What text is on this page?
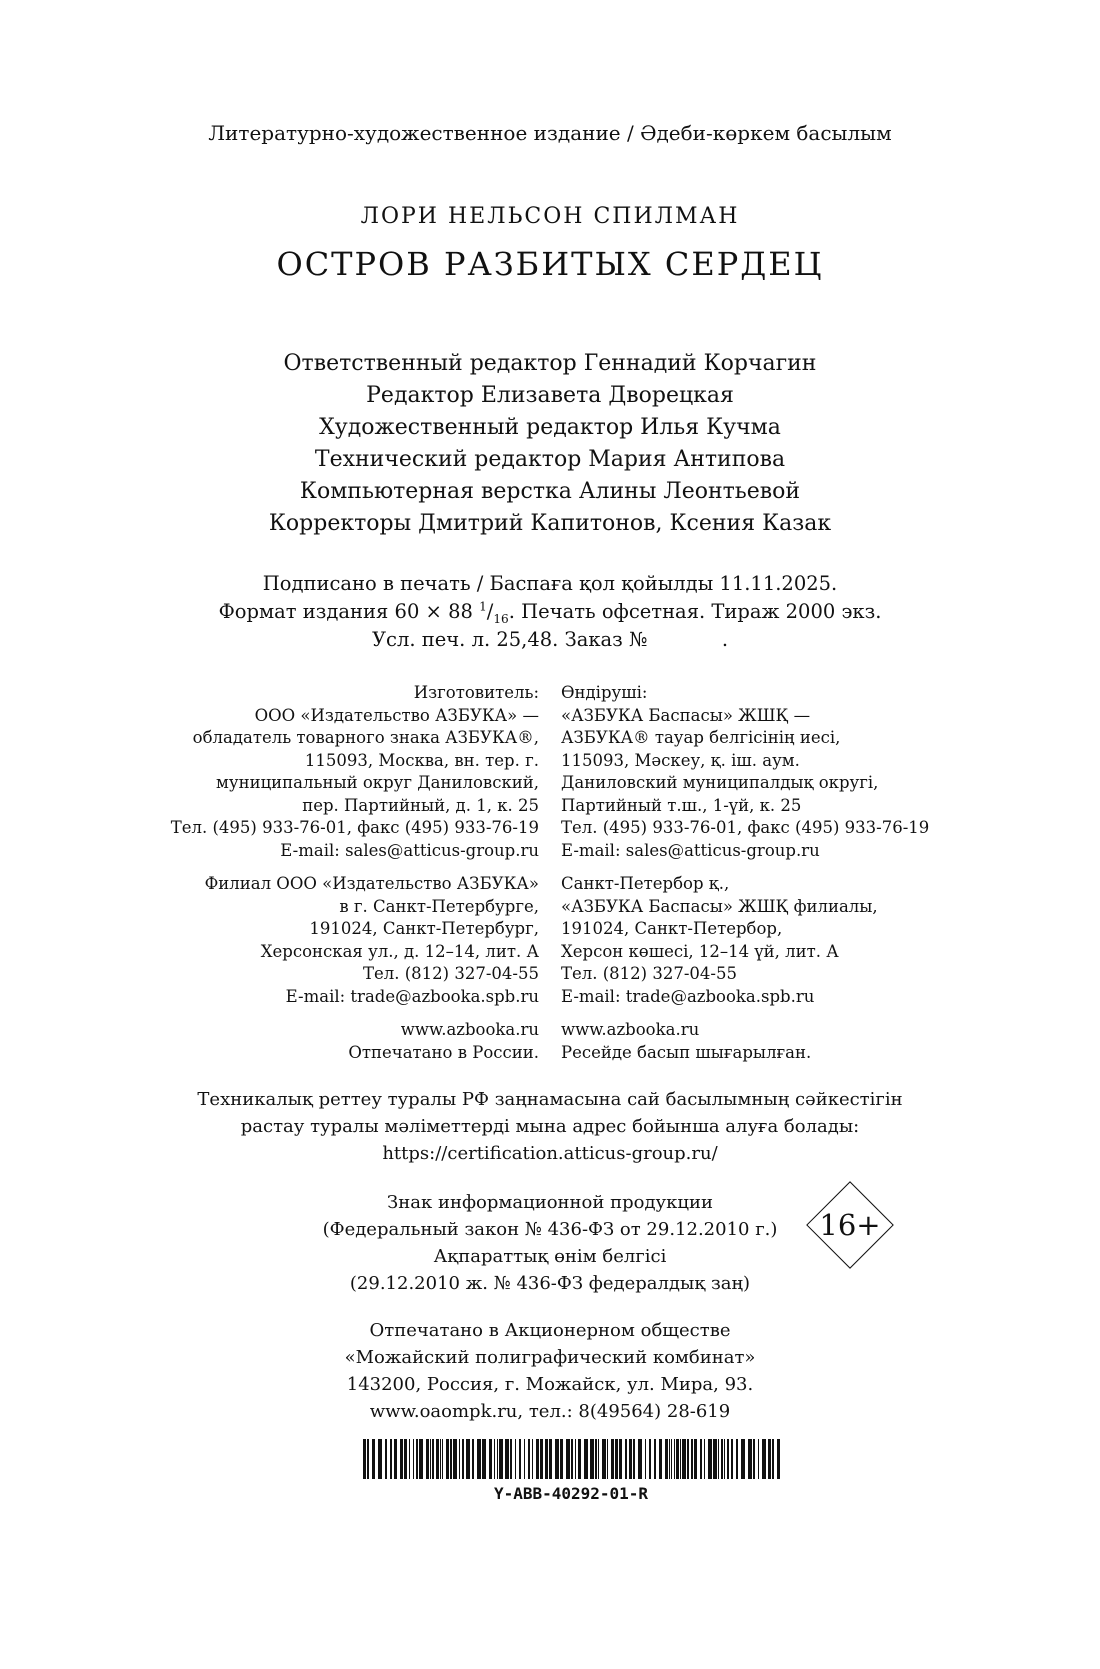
Литературно-художественное издание / Әдеби-көркем басылым
ЛОРИ НЕЛЬСОН СПИЛМАН
ОСТРОВ РАЗБИТЫХ СЕРДЕЦ
Ответственный редактор Геннадий Корчагин
Редактор Елизавета Дворецкая
Художественный редактор Илья Кучма
Технический редактор Мария Антипова
Компьютерная верстка Алины Леонтьевой
Корректоры Дмитрий Капитонов, Ксения Казак
Подписано в печать / Баспаға қол қойылды 11.11.2025.
Формат издания 60 × 88 $^1/_{16}$. Печать офсетная. Тираж 2000 экз.
Усл. печ. л. 25,48. Заказ №            .
Изготовитель:
ООО «Издательство АЗБУКА» —
обладатель товарного знака АЗБУКА®,
115093, Москва, вн. тер. г.
муниципальный округ Даниловский,
пер. Партийный, д. 1, к. 25
Тел. (495) 933-76-01, факс (495) 933-76-19
E-mail: sales@atticus-group.ru
Филиал ООО «Издательство АЗБУКА»
в г. Санкт-Петербурге,
191024, Санкт-Петербург,
Херсонская ул., д. 12–14, лит. А
Тел. (812) 327-04-55
E-mail: trade@azbooka.spb.ru
www.azbooka.ru
Отпечатано в России.
Өндіруші:
«АЗБУКА Баспасы» ЖШҚ —
АЗБУКА® тауар белгісінің иесі,
115093, Мәскеу, қ. іш. аум.
Даниловский муниципалдық округі,
Партийный т.ш., 1-үй, к. 25
Тел. (495) 933-76-01, факс (495) 933-76-19
E-mail: sales@atticus-group.ru
Санкт-Петербор қ.,
«АЗБУКА Баспасы» ЖШҚ филиалы,
191024, Санкт-Петербор,
Херсон көшесі, 12–14 үй, лит. А
Тел. (812) 327-04-55
E-mail: trade@azbooka.spb.ru
www.azbooka.ru
Ресейде басып шығарылған.
Техникалық реттеу туралы РФ заңнамасына сай басылымның сәйкестігін
растау туралы мәліметтерді мына адрес бойынша алуға болады:
https://certification.atticus-group.ru/
Знак информационной продукции
(Федеральный закон № 436-ФЗ от 29.12.2010 г.)
Ақпараттық өнім белгісі
(29.12.2010 ж. № 436-ФЗ федералдық заң)
16+
Отпечатано в Акционерном обществе
«Можайский полиграфический комбинат»
143200, Россия, г. Можайск, ул. Мира, 93.
www.oaompk.ru, тел.: 8(49564) 28-619
Y-ABB-40292-01-R
